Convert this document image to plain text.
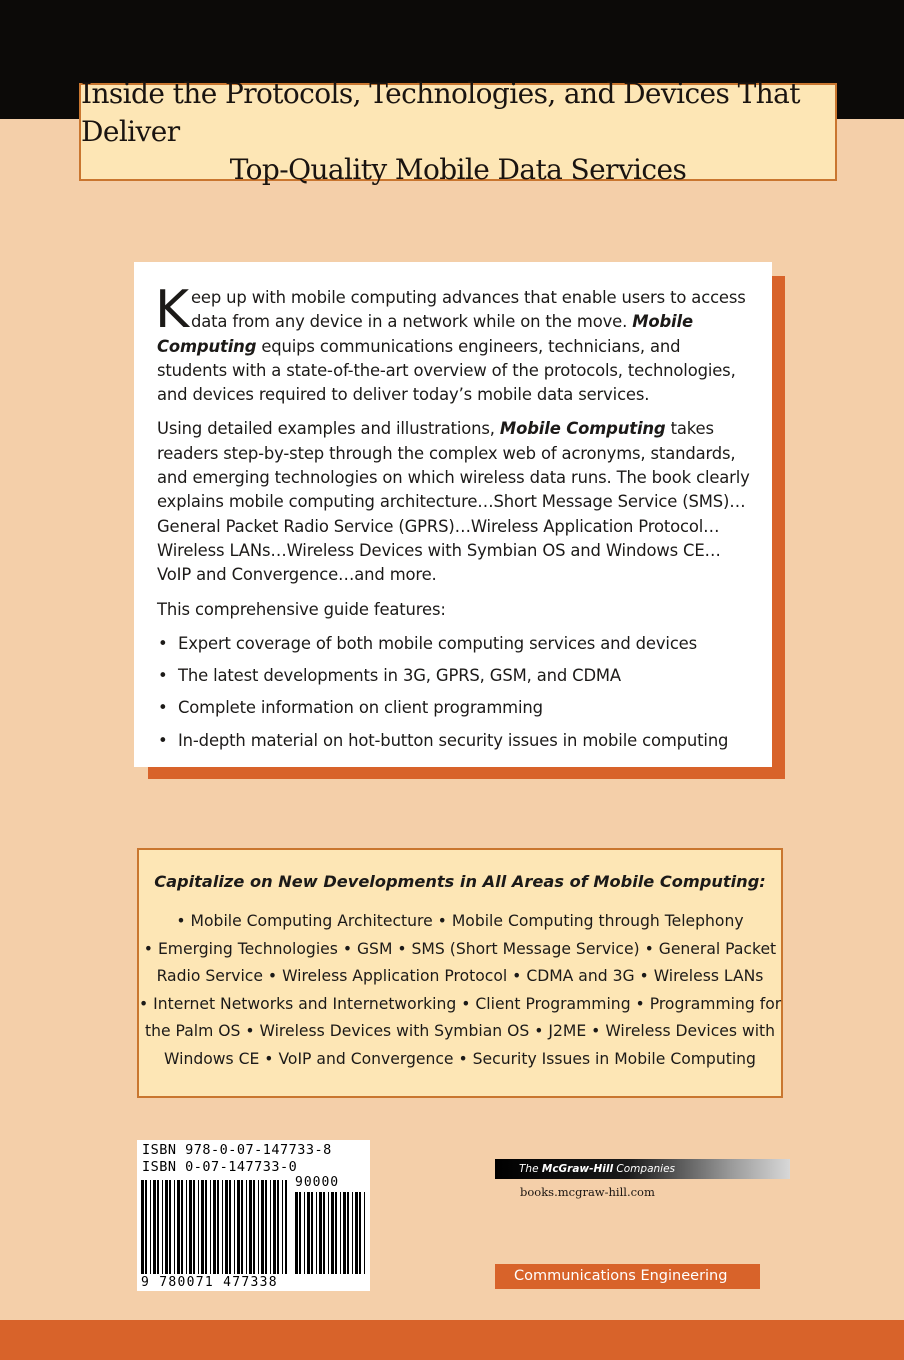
Inside the Protocols, Technologies, and Devices That Deliver
Top-Quality Mobile Data Services

Keep up with mobile computing advances that enable users to access data from any device in a network while on the move. Mobile Computing equips communications engineers, technicians, and students with a state-of-the-art overview of the protocols, technologies, and devices required to deliver today’s mobile data services.

Using detailed examples and illustrations, Mobile Computing takes readers step-by-step through the complex web of acronyms, standards, and emerging technologies on which wireless data runs. The book clearly explains mobile computing architecture…Short Message Service (SMS)…General Packet Radio Service (GPRS)…Wireless Application Protocol…Wireless LANs…Wireless Devices with Symbian OS and Windows CE…VoIP and Convergence…and more.

This comprehensive guide features:

• Expert coverage of both mobile computing services and devices
• The latest developments in 3G, GPRS, GSM, and CDMA
• Complete information on client programming
• In-depth material on hot-button security issues in mobile computing
Capitalize on New Developments in All Areas of Mobile Computing:
• Mobile Computing Architecture • Mobile Computing through Telephony
• Emerging Technologies • GSM • SMS (Short Message Service) • General Packet
Radio Service • Wireless Application Protocol • CDMA and 3G • Wireless LANs
• Internet Networks and Internetworking • Client Programming • Programming for
the Palm OS • Wireless Devices with Symbian OS • J2ME • Wireless Devices with
Windows CE • VoIP and Convergence • Security Issues in Mobile Computing
ISBN 978-0-07-147733-8
ISBN 0-07-147733-0
9 780071 477338
90000
The McGraw-Hill Companies
books.mcgraw-hill.com
Communications Engineering
